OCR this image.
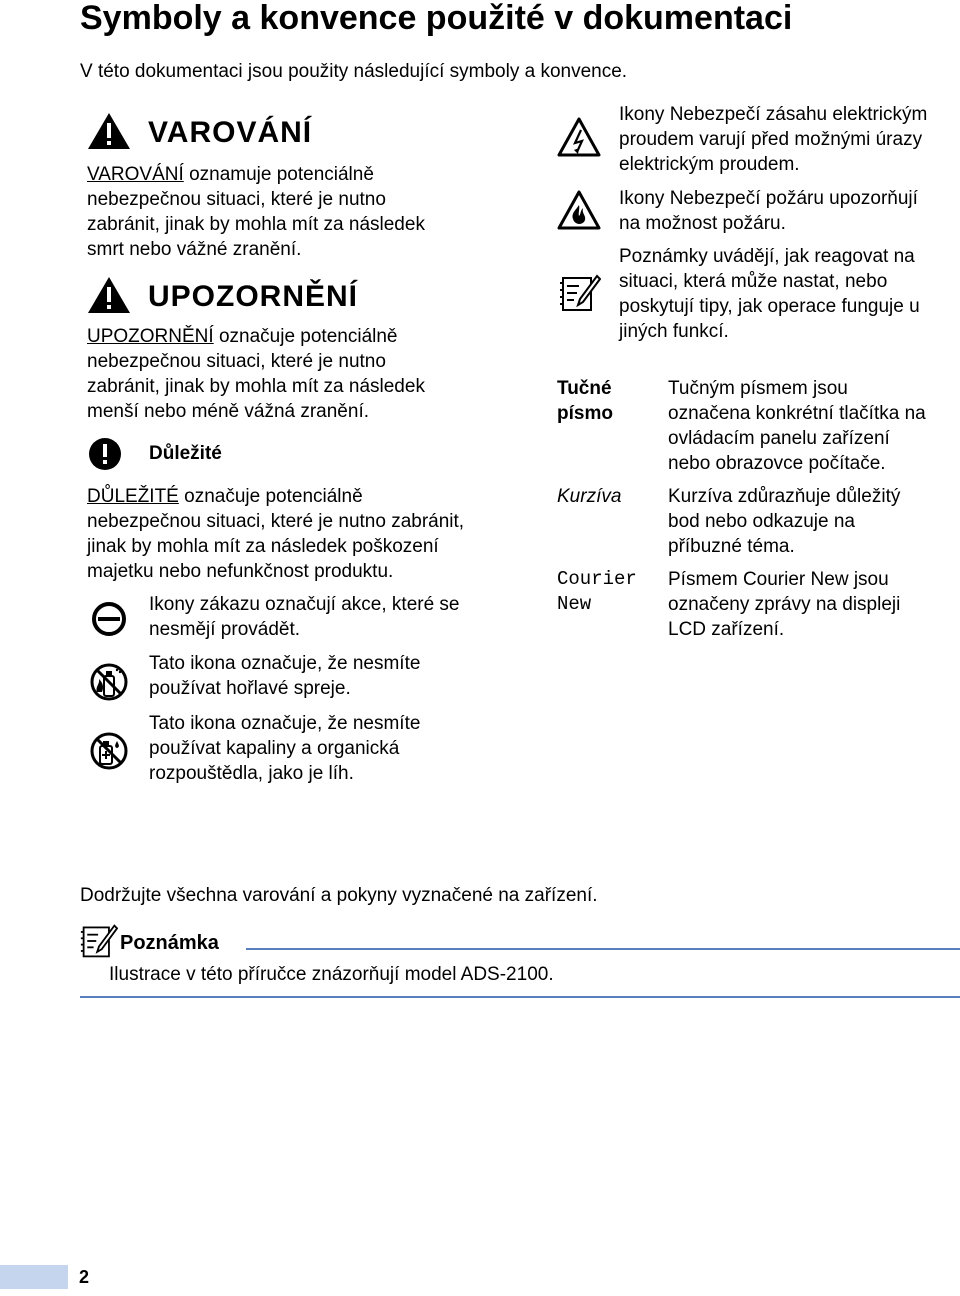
Symboly a konvence použité v dokumentaci
V této dokumentaci jsou použity následující symboly a konvence.
VAROVÁNÍ
VAROVÁNÍ oznamuje potenciálně
nebezpečnou situaci, které je nutno
zabránit, jinak by mohla mít za následek
smrt nebo vážné zranění.
UPOZORNĚNÍ
UPOZORNĚNÍ označuje potenciálně
nebezpečnou situaci, které je nutno
zabránit, jinak by mohla mít za následek
menší nebo méně vážná zranění.
Důležité
DŮLEŽITÉ označuje potenciálně
nebezpečnou situaci, které je nutno zabránit,
jinak by mohla mít za následek poškození
majetku nebo nefunkčnost produktu.
Ikony zákazu označují akce, které se
nesmějí provádět.
Tato ikona označuje, že nesmíte
používat hořlavé spreje.
Tato ikona označuje, že nesmíte
používat kapaliny a organická
rozpouštědla, jako je líh.
Ikony Nebezpečí zásahu elektrickým
proudem varují před možnými úrazy
elektrickým proudem.
Ikony Nebezpečí požáru upozorňují
na možnost požáru.
Poznámky uvádějí, jak reagovat na
situaci, která může nastat, nebo
poskytují tipy, jak operace funguje u
jiných funkcí.
Tučné
písmo
Tučným písmem jsou
označena konkrétní tlačítka na
ovládacím panelu zařízení
nebo obrazovce počítače.
Kurzíva Kurzíva zdůrazňuje důležitý
bod nebo odkazuje na
příbuzné téma.
Courier
New
Písmem Courier New jsou
označeny zprávy na displeji
LCD zařízení.
Dodržujte všechna varování a pokyny vyznačené na zařízení.
Poznámka
Ilustrace v této příručce znázorňují model ADS-2100.
2
